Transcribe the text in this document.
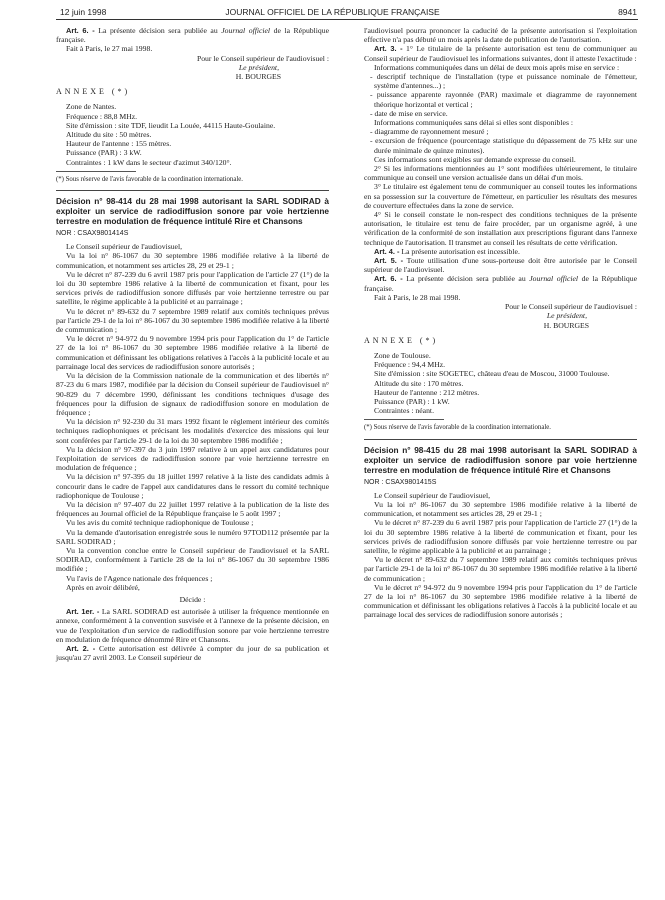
12 juin 1998	JOURNAL OFFICIEL DE LA RÉPUBLIQUE FRANÇAISE	8941

Art. 6. - La présente décision sera publiée au Journal officiel de la République française.

Fait à Paris, le 27 mai 1998.

Pour le Conseil supérieur de l'audiovisuel :

Le président,

H. BOURGES

ANNEXE (*)

Zone de Nantes.

Fréquence : 88,8 MHz.

Site d'émission : site TDF, lieudit La Louée, 44115 Haute-Goulaine.

Altitude du site : 50 mètres.

Hauteur de l'antenne : 155 mètres.

Puissance (PAR) : 3 kW.

Contraintes : 1 kW dans le secteur d'azimut 340/120°.

(*) Sous réserve de l'avis favorable de la coordination internationale.

Décision n° 98-414 du 28 mai 1998 autorisant la SARL SODIRAD à exploiter un service de radiodiffusion sonore par voie hertzienne terrestre en modulation de fréquence intitulé Rire et Chansons

NOR : CSAX9801414S

Le Conseil supérieur de l'audiovisuel,

Vu la loi n° 86-1067 du 30 septembre 1986 modifiée relative à la liberté de communication, et notamment ses articles 28, 29 et 29-1 ;

Vu le décret n° 87-239 du 6 avril 1987 pris pour l'application de l'article 27 (1°) de la loi du 30 septembre 1986 relative à la liberté de communication et fixant, pour les services privés de radiodiffusion sonore diffusés par voie hertzienne terrestre ou par satellite, le régime applicable à la publicité et au parrainage ;

Vu le décret n° 89-632 du 7 septembre 1989 relatif aux comités techniques prévus par l'article 29-1 de la loi n° 86-1067 du 30 septembre 1986 modifiée relative à la liberté de communication ;

Vu le décret n° 94-972 du 9 novembre 1994 pris pour l'application du 1° de l'article 27 de la loi n° 86-1067 du 30 septembre 1986 modifiée relative à la liberté de communication et définissant les obligations relatives à l'accès à la publicité locale et au parrainage local des services de radiodiffusion sonore autorisés ;

Vu la décision de la Commission nationale de la communication et des libertés n° 87-23 du 6 mars 1987, modifiée par la décision du Conseil supérieur de l'audiovisuel n° 90-829 du 7 décembre 1990, définissant les conditions techniques d'usage des fréquences pour la diffusion de signaux de radiodiffusion sonore en modulation de fréquence ;

Vu la décision n° 92-230 du 31 mars 1992 fixant le règlement intérieur des comités techniques radiophoniques et précisant les modalités d'exercice des missions qui leur sont conférées par l'article 29-1 de la loi du 30 septembre 1986 modifiée ;

Vu la décision n° 97-397 du 3 juin 1997 relative à un appel aux candidatures pour l'exploitation de services de radiodiffusion sonore par voie hertzienne terrestre en modulation de fréquence ;

Vu la décision n° 97-395 du 18 juillet 1997 relative à la liste des candidats admis à concourir dans le cadre de l'appel aux candidatures dans le ressort du comité technique radiophonique de Toulouse ;

Vu la décision n° 97-407 du 22 juillet 1997 relative à la publication de la liste des fréquences au Journal officiel de la République française le 5 août 1997 ;

Vu les avis du comité technique radiophonique de Toulouse ;

Vu la demande d'autorisation enregistrée sous le numéro 97TOD112 présentée par la SARL SODIRAD ;

Vu la convention conclue entre le Conseil supérieur de l'audiovisuel et la SARL SODIRAD, conformément à l'article 28 de la loi n° 86-1067 du 30 septembre 1986 modifiée ;

Vu l'avis de l'Agence nationale des fréquences ;

Après en avoir délibéré,

Décide :

Art. 1er. - La SARL SODIRAD est autorisée à utiliser la fréquence mentionnée en annexe, conformément à la convention susvisée et à l'annexe de la présente décision, en vue de l'exploitation d'un service de radiodiffusion sonore par voie hertzienne terrestre en modulation de fréquence dénommé Rire et Chansons.

Art. 2. - Cette autorisation est délivrée à compter du jour de sa publication et jusqu'au 27 avril 2003. Le Conseil supérieur de

l'audiovisuel pourra prononcer la caducité de la présente autorisation si l'exploitation effective n'a pas débuté un mois après la date de publication de l'autorisation.

Art. 3. - 1° Le titulaire de la présente autorisation est tenu de communiquer au Conseil supérieur de l'audiovisuel les informations suivantes, dont il atteste l'exactitude :

Informations communiquées dans un délai de deux mois après mise en service :

- descriptif technique de l'installation (type et puissance nominale de l'émetteur, système d'antennes...) ;

- puissance apparente rayonnée (PAR) maximale et diagramme de rayonnement théorique horizontal et vertical ;

- date de mise en service.

Informations communiquées sans délai si elles sont disponibles :

- diagramme de rayonnement mesuré ;

- excursion de fréquence (pourcentage statistique du dépassement de 75 kHz sur une durée minimale de quinze minutes).

Ces informations sont exigibles sur demande expresse du conseil.

2° Si les informations mentionnées au 1° sont modifiées ultérieurement, le titulaire communique au conseil une version actualisée dans un délai d'un mois.

3° Le titulaire est également tenu de communiquer au conseil toutes les informations en sa possession sur la couverture de l'émetteur, en particulier les résultats des mesures de couverture effectuées dans la zone de service.

4° Si le conseil constate le non-respect des conditions techniques de la présente autorisation, le titulaire est tenu de faire procéder, par un organisme agréé, à une vérification de la conformité de son installation aux prescriptions figurant dans l'annexe technique de l'autorisation. Il transmet au conseil les résultats de cette vérification.

Art. 4. - La présente autorisation est incessible.

Art. 5. - Toute utilisation d'une sous-porteuse doit être autorisée par le Conseil supérieur de l'audiovisuel.

Art. 6. - La présente décision sera publiée au Journal officiel de la République française.

Fait à Paris, le 28 mai 1998.

Pour le Conseil supérieur de l'audiovisuel :

Le président,

H. BOURGES

ANNEXE (*)

Zone de Toulouse.

Fréquence : 94,4 MHz.

Site d'émission : site SOGETEC, château d'eau de Moscou, 31000 Toulouse.

Altitude du site : 170 mètres.

Hauteur de l'antenne : 212 mètres.

Puissance (PAR) : 1 kW.

Contraintes : néant.

(*) Sous réserve de l'avis favorable de la coordination internationale.

Décision n° 98-415 du 28 mai 1998 autorisant la SARL SODIRAD à exploiter un service de radiodiffusion sonore par voie hertzienne terrestre en modulation de fréquence intitulé Rire et Chansons

NOR : CSAX9801415S

Le Conseil supérieur de l'audiovisuel,

Vu la loi n° 86-1067 du 30 septembre 1986 modifiée relative à la liberté de communication, et notamment ses articles 28, 29 et 29-1 ;

Vu le décret n° 87-239 du 6 avril 1987 pris pour l'application de l'article 27 (1°) de la loi du 30 septembre 1986 relative à la liberté de communication et fixant, pour les services privés de radiodiffusion sonore diffusés par voie hertzienne terrestre ou par satellite, le régime applicable à la publicité et au parrainage ;

Vu le décret n° 89-632 du 7 septembre 1989 relatif aux comités techniques prévus par l'article 29-1 de la loi n° 86-1067 du 30 septembre 1986 modifiée relative à la liberté de communication ;

Vu le décret n° 94-972 du 9 novembre 1994 pris pour l'application du 1° de l'article 27 de la loi n° 86-1067 du 30 septembre 1986 modifiée relative à la liberté de communication et définissant les obligations relatives à l'accès à la publicité locale et au parrainage local des services de radiodiffusion sonore autorisés ;
